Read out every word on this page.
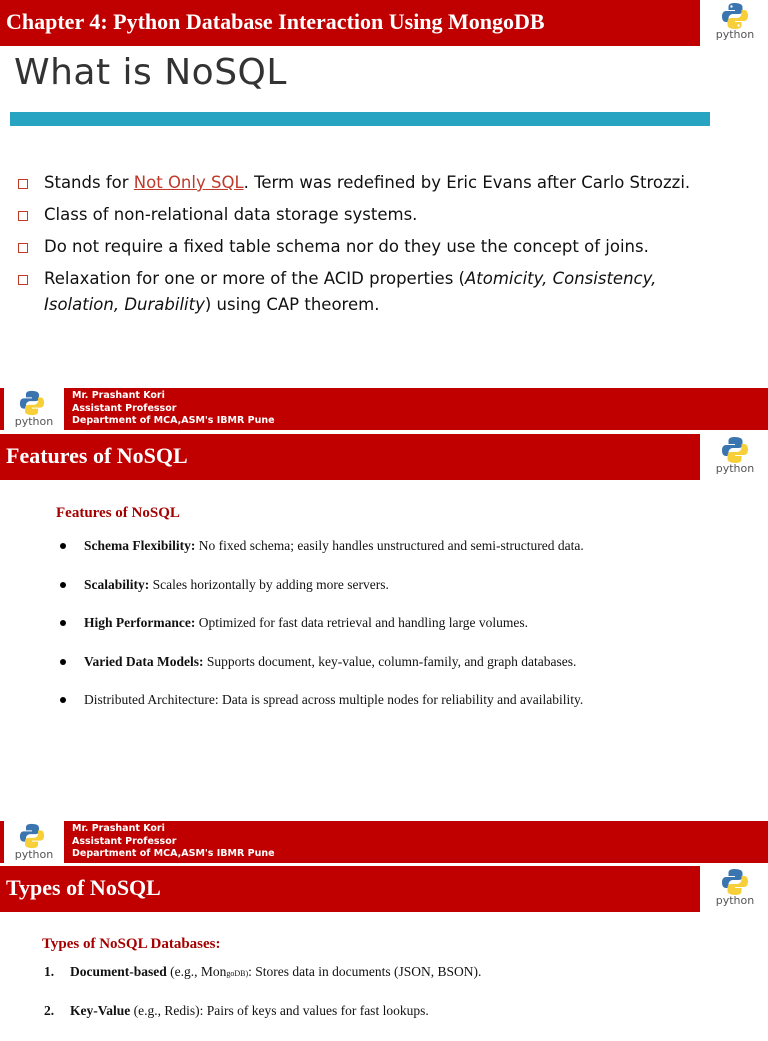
Chapter 4: Python Database Interaction Using MongoDB
python
What is NoSQL
Stands for Not Only SQL. Term was redefined by Eric Evans after Carlo Strozzi.
Class of non-relational data storage systems.
Do not require a fixed table schema nor do they use the concept of joins.
Relaxation for one or more of the ACID properties (Atomicity, Consistency, Isolation, Durability) using CAP theorem.
python
Mr. Prashant Kori
Assistant Professor
Department of MCA,ASM's IBMR Pune
Features of NoSQL
python
Features of NoSQL
Schema Flexibility: No fixed schema; easily handles unstructured and semi-structured data.
Scalability: Scales horizontally by adding more servers.
High Performance: Optimized for fast data retrieval and handling large volumes.
Varied Data Models: Supports document, key-value, column-family, and graph databases.
Distributed Architecture: Data is spread across multiple nodes for reliability and availability.
python
Mr. Prashant Kori
Assistant Professor
Department of MCA,ASM's IBMR Pune
Types of NoSQL
python
Types of NoSQL Databases:
1. Document-based (e.g., MongoDB): Stores data in documents (JSON, BSON).
2. Key-Value (e.g., Redis): Pairs of keys and values for fast lookups.
